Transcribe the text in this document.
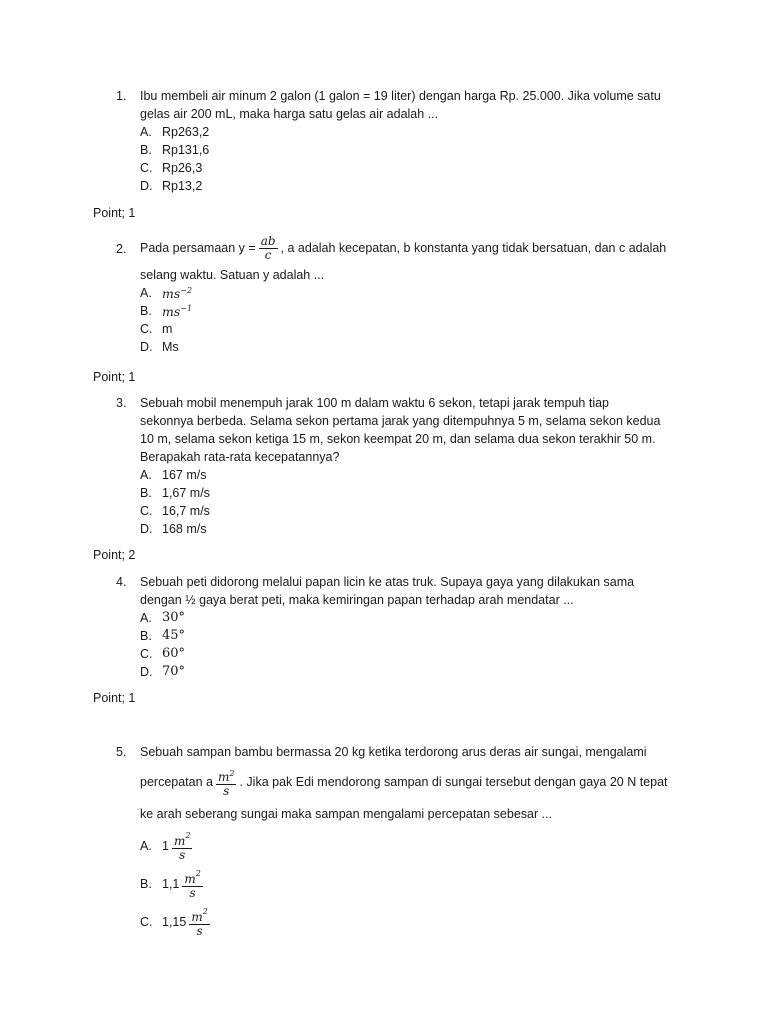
1.	Ibu membeli air minum 2 galon (1 galon = 19 liter) dengan harga Rp. 25.000. Jika volume satu
gelas air 200 mL, maka harga satu gelas air adalah ...
A. Rp263,2
B. Rp131,6
C. Rp26,3
D. Rp13,2
Point; 1
2.	Pada persamaan $y = \frac{ab}{c}$ , a adalah kecepatan, b konstanta yang tidak bersatuan, dan c adalah
selang waktu. Satuan y adalah ...
A. $ms^{-2}$
B. $ms^{-1}$
C. m
D. Ms
Point; 1
3.	Sebuah mobil menempuh jarak 100 m dalam waktu 6 sekon, tetapi jarak tempuh tiap
sekonnya berbeda. Selama sekon pertama jarak yang ditempuhnya 5 m, selama sekon kedua
10 m, selama sekon ketiga 15 m, sekon keempat 20 m, dan selama dua sekon terakhir 50 m.
Berapakah rata-rata kecepatannya?
A. 167 m/s
B. 1,67 m/s
C. 16,7 m/s
D. 168 m/s
Point; 2
4.	Sebuah peti didorong melalui papan licin ke atas truk. Supaya gaya yang dilakukan sama
dengan ½ gaya berat peti, maka kemiringan papan terhadap arah mendatar ...
A. 30°
B. 45°
C. 60°
D. 70°
Point; 1
5.	Sebuah sampan bambu bermassa 20 kg ketika terdorong arus deras air sungai, mengalami
percepatan a $\frac{m^2}{s}$ . Jika pak Edi mendorong sampan di sungai tersebut dengan gaya 20 N tepat
ke arah seberang sungai maka sampan mengalami percepatan sebesar ...
A. $1 \frac{m^2}{s}$
B. $1,1 \frac{m^2}{s}$
C. $1,15 \frac{m^2}{s}$
